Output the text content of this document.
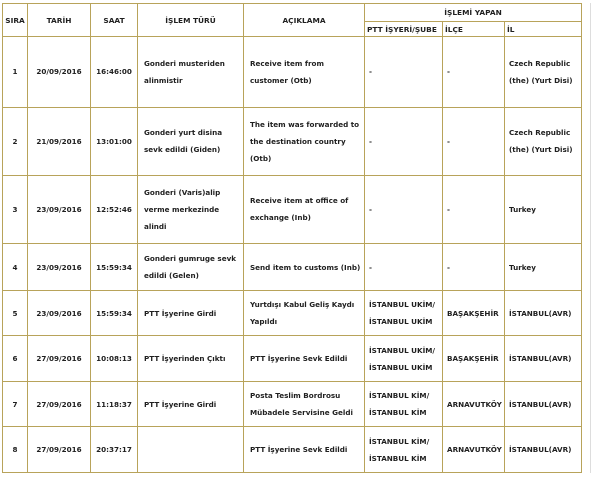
SIRA	TARİH	SAAT	İŞLEM TÜRÜ	AÇIKLAMA	İŞLEMİ YAPAN		
					PTT İŞYERİ/ŞUBE	İLÇE	İL
1	20/09/2016	16:46:00	Gonderi musteriden alinmistir	Receive item from customer (Otb)	-	-	Czech Republic (the) (Yurt Disi)
2	21/09/2016	13:01:00	Gonderi yurt disina sevk edildi (Giden)	The item was forwarded to the destination country (Otb)	-	-	Czech Republic (the) (Yurt Disi)
3	23/09/2016	12:52:46	Gonderi (Varis)alip verme merkezinde alindi	Receive item at office of exchange (Inb)	-	-	Turkey
4	23/09/2016	15:59:34	Gonderi gumruge sevk edildi (Gelen)	Send item to customs (Inb)	-	-	Turkey
5	23/09/2016	15:59:34	PTT İşyerine Girdi	Yurtdışı Kabul Geliş Kaydı Yapıldı	İSTANBUL UKİM/ İSTANBUL UKİM	BAŞAKŞEHİR	İSTANBUL(AVR)
6	27/09/2016	10:08:13	PTT İşyerinden Çıktı	PTT İşyerine Sevk Edildi	İSTANBUL UKİM/ İSTANBUL UKİM	BAŞAKŞEHİR	İSTANBUL(AVR)
7	27/09/2016	11:18:37	PTT İşyerine Girdi	Posta Teslim Bordrosu Mübadele Servisine Geldi	İSTANBUL KİM/ İSTANBUL KİM	ARNAVUTKÖY	İSTANBUL(AVR)
8	27/09/2016	20:37:17		PTT İşyerine Sevk Edildi	İSTANBUL KİM/ İSTANBUL KİM	ARNAVUTKÖY	İSTANBUL(AVR)
